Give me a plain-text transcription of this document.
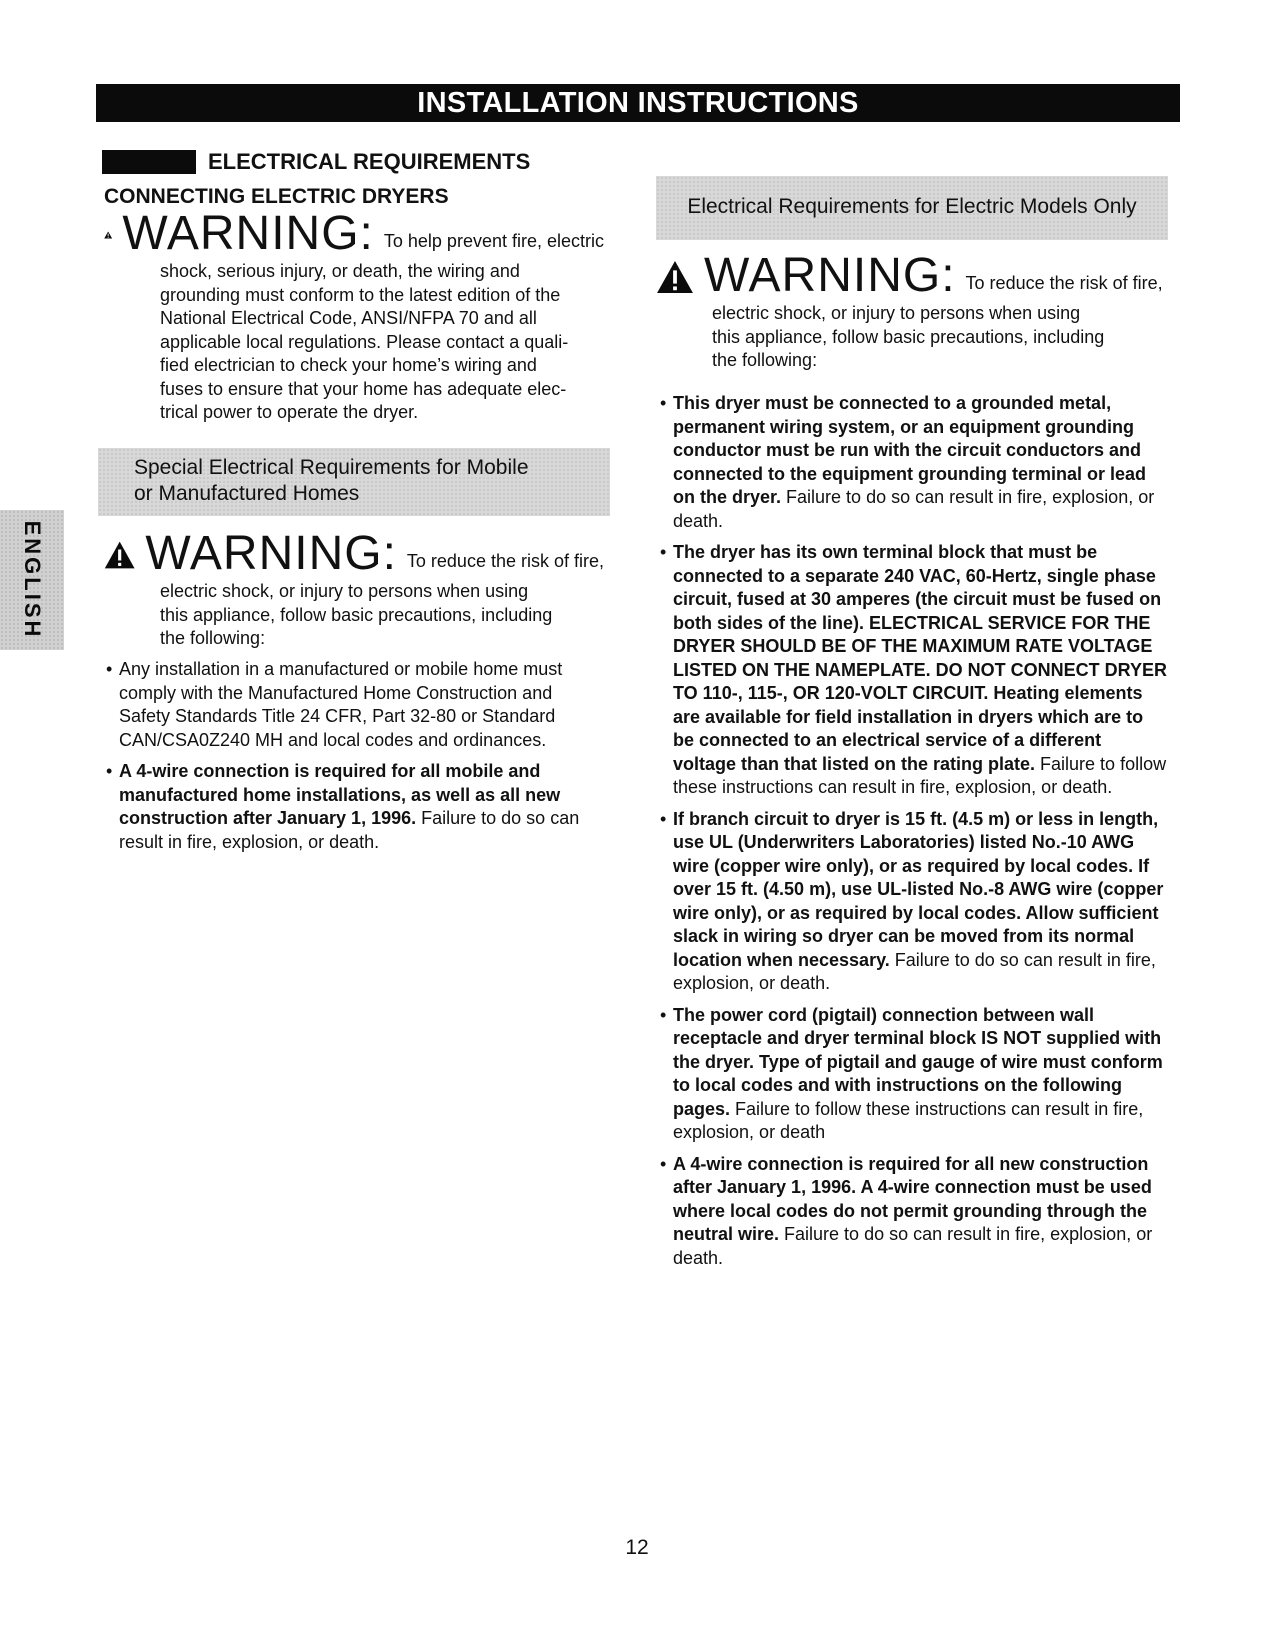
INSTALLATION INSTRUCTIONS
ELECTRICAL REQUIREMENTS
CONNECTING ELECTRIC DRYERS
WARNING: To help prevent fire, electric
shock, serious injury, or death, the wiring and
grounding must conform to the latest edition of the
National Electrical Code, ANSI/NFPA 70 and all
applicable local regulations. Please contact a quali-
fied electrician to check your home’s wiring and
fuses to ensure that your home has adequate elec-
trical power to operate the dryer.
Special Electrical Requirements for Mobile
or Manufactured Homes
ENGLISH WARNING: To reduce the risk of fire,
electric shock, or injury to persons when using
this appliance, follow basic precautions, including
the following:
• Any installation in a manufactured or mobile home must comply with the Manufactured Home Construction and Safety Standards Title 24 CFR, Part 32-80 or Standard CAN/CSA0Z240 MH and local codes and ordinances.
• A 4-wire connection is required for all mobile and manufactured home installations, as well as all new construction after January 1, 1996. Failure to do so can result in fire, explosion, or death.
Electrical Requirements for Electric Models Only
WARNING: To reduce the risk of fire,
electric shock, or injury to persons when using
this appliance, follow basic precautions, including
the following:
• This dryer must be connected to a grounded metal, permanent wiring system, or an equipment grounding conductor must be run with the circuit conductors and connected to the equipment grounding terminal or lead on the dryer. Failure to do so can result in fire, explosion, or death.
• The dryer has its own terminal block that must be connected to a separate 240 VAC, 60-Hertz, single phase circuit, fused at 30 amperes (the circuit must be fused on both sides of the line). ELECTRICAL SERVICE FOR THE DRYER SHOULD BE OF THE MAXIMUM RATE VOLTAGE LISTED ON THE NAMEPLATE. DO NOT CONNECT DRYER TO 110-, 115-, OR 120-VOLT CIRCUIT. Heating elements are available for field installation in dryers which are to be connected to an electrical service of a different voltage than that listed on the rating plate. Failure to follow these instructions can result in fire, explosion, or death.
• If branch circuit to dryer is 15 ft. (4.5 m) or less in length, use UL (Underwriters Laboratories) listed No.-10 AWG wire (copper wire only), or as required by local codes. If over 15 ft. (4.50 m), use UL-listed No.-8 AWG wire (copper wire only), or as required by local codes. Allow sufficient slack in wiring so dryer can be moved from its normal location when necessary. Failure to do so can result in fire, explosion, or death.
• The power cord (pigtail) connection between wall receptacle and dryer terminal block IS NOT supplied with the dryer. Type of pigtail and gauge of wire must conform to local codes and with instructions on the following pages. Failure to follow these instructions can result in fire, explosion, or death
• A 4-wire connection is required for all new construction after January 1, 1996. A 4-wire connection must be used where local codes do not permit grounding through the neutral wire. Failure to do so can result in fire, explosion, or death.
12
